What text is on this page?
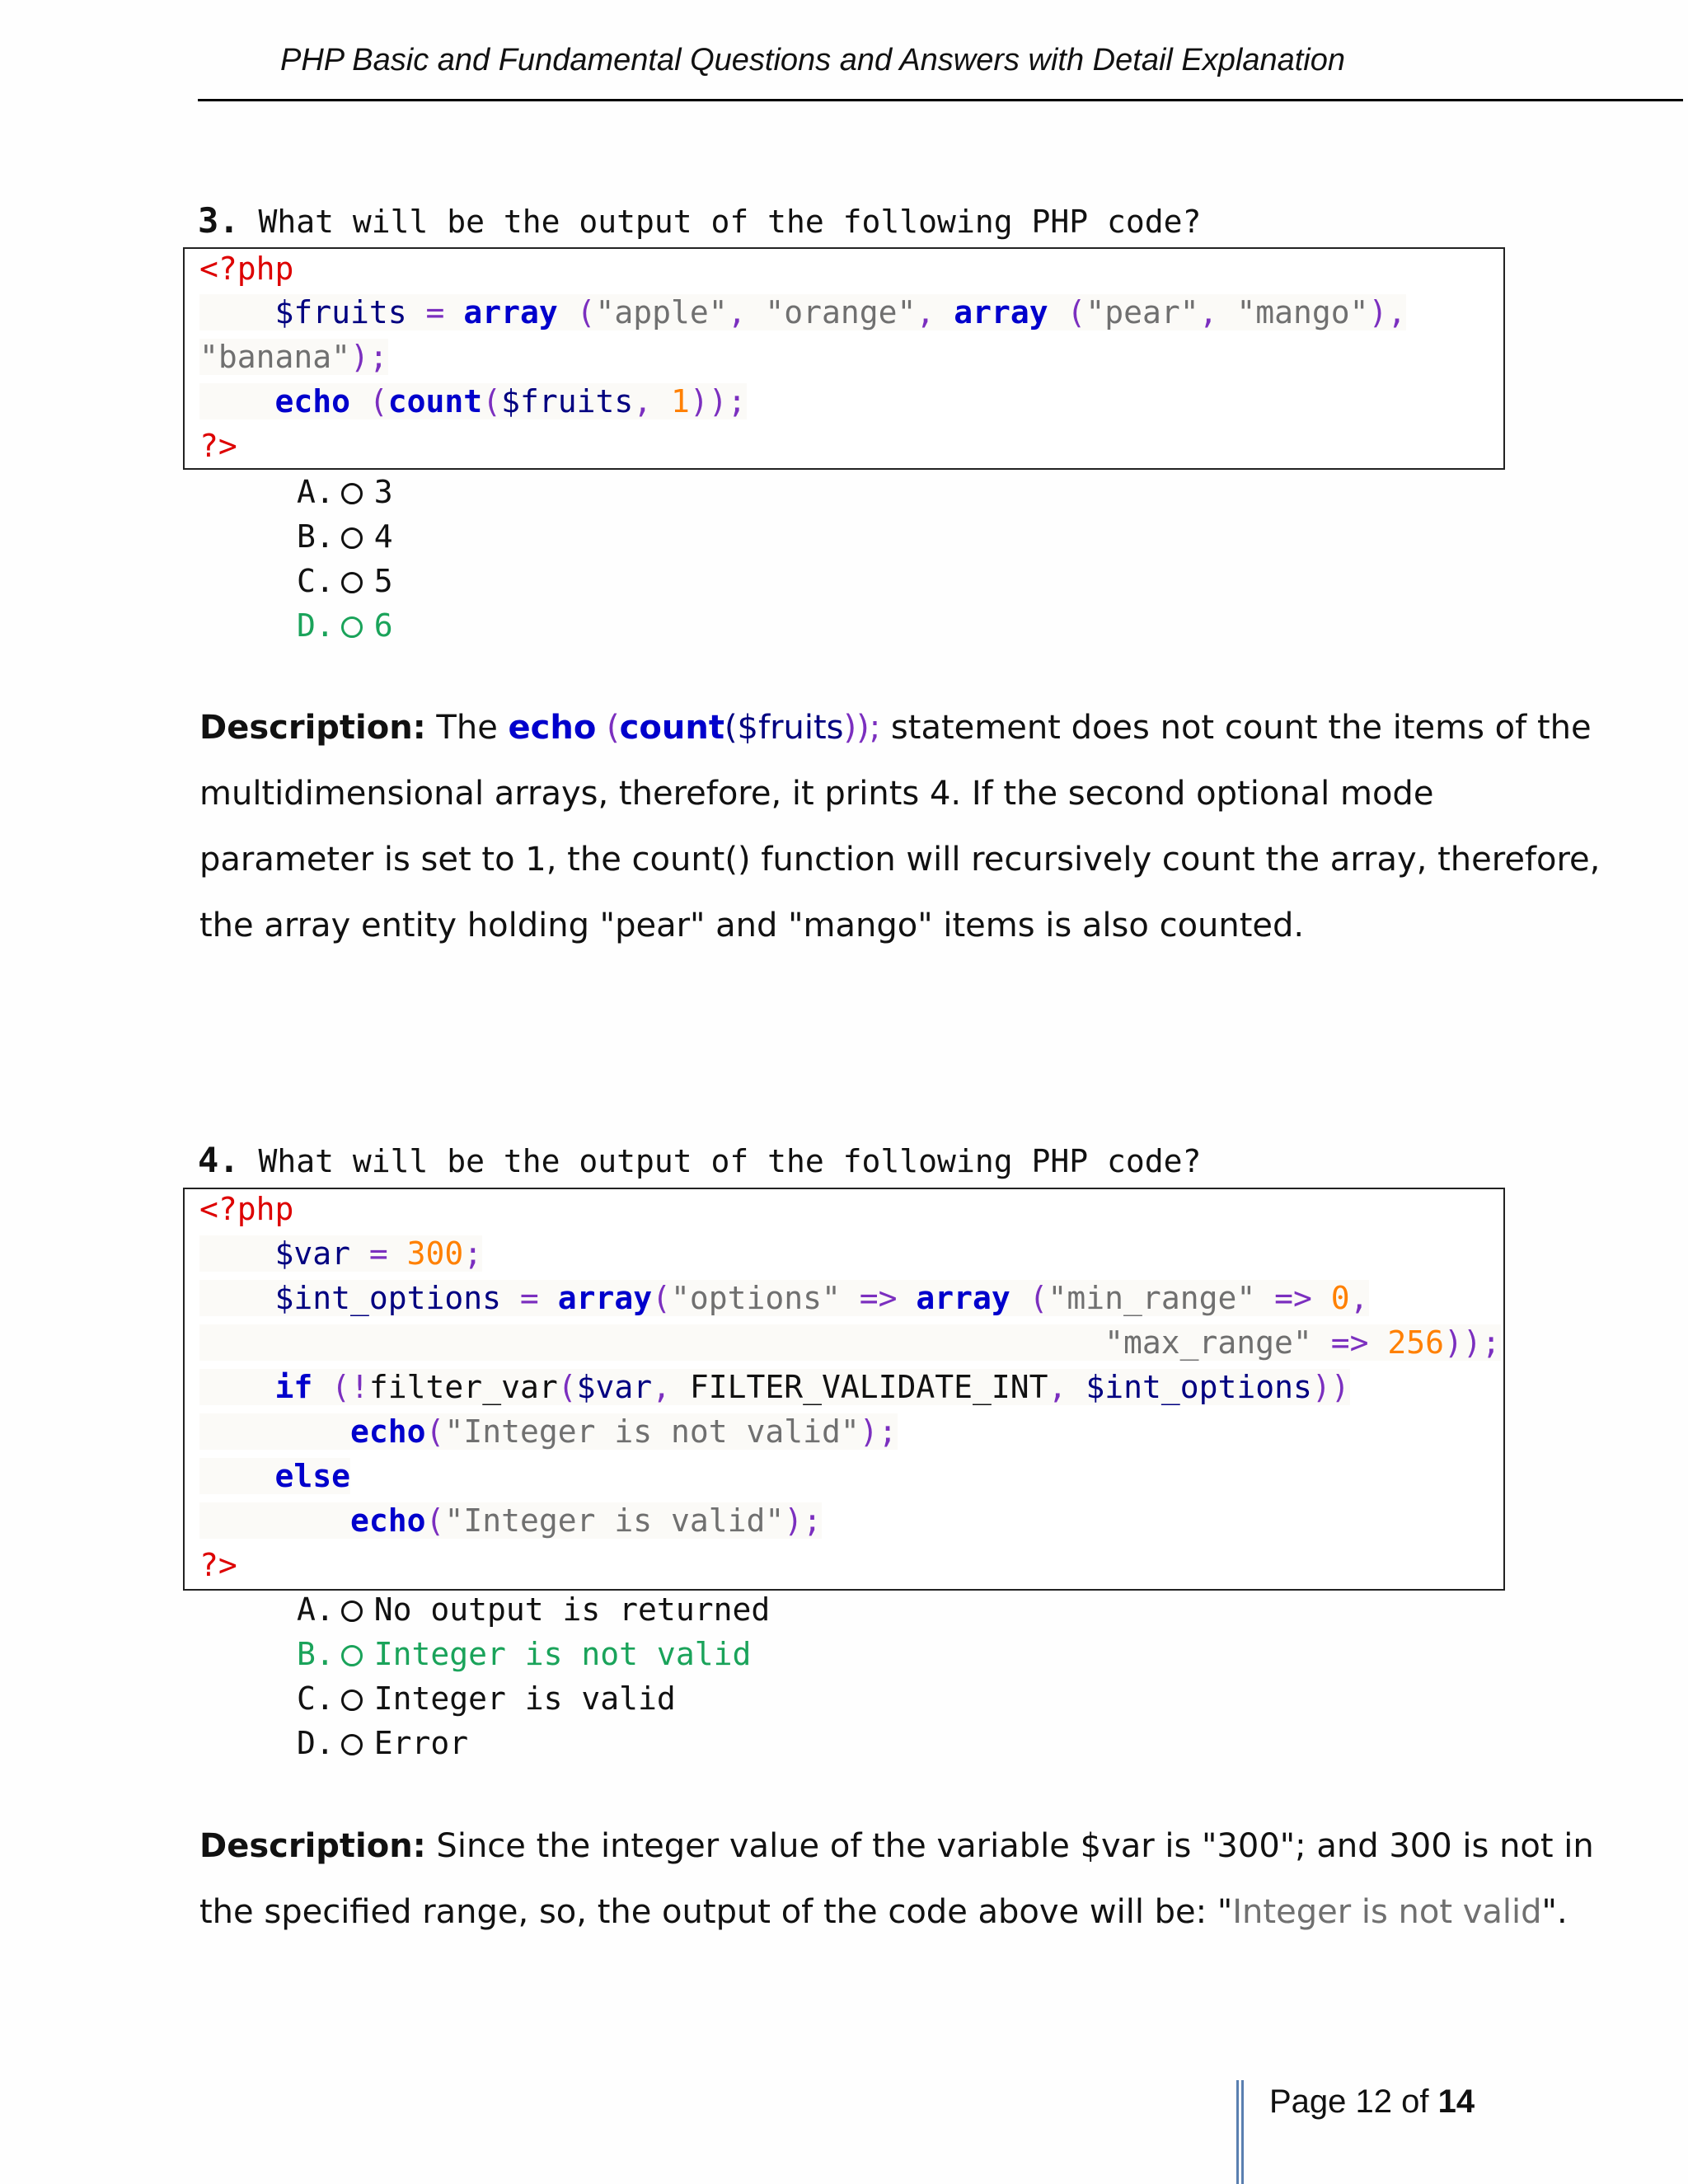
PHP Basic and Fundamental Questions and Answers with Detail Explanation
3. What will be the output of the following PHP code?
<?php
$fruits = array ("apple", "orange", array ("pear", "mango"),
"banana");
echo (count($fruits, 1));
?>
A. 3
B. 4
C. 5
D. 6
Description: The echo (count($fruits)); statement does not count the items of the
multidimensional arrays, therefore, it prints 4. If the second optional mode
parameter is set to 1, the count() function will recursively count the array, therefore,
the array entity holding "pear" and "mango" items is also counted.
4. What will be the output of the following PHP code?
<?php
$var = 300;
$int_options = array("options" => array ("min_range" => 0,
"max_range" => 256));
if (!filter_var($var, FILTER_VALIDATE_INT, $int_options))
echo("Integer is not valid");
else
echo("Integer is valid");
?>
A. No output is returned
B. Integer is not valid
C. Integer is valid
D. Error
Description: Since the integer value of the variable $var is "300"; and 300 is not in
the specified range, so, the output of the code above will be: "Integer is not valid".
Page 12 of 14
